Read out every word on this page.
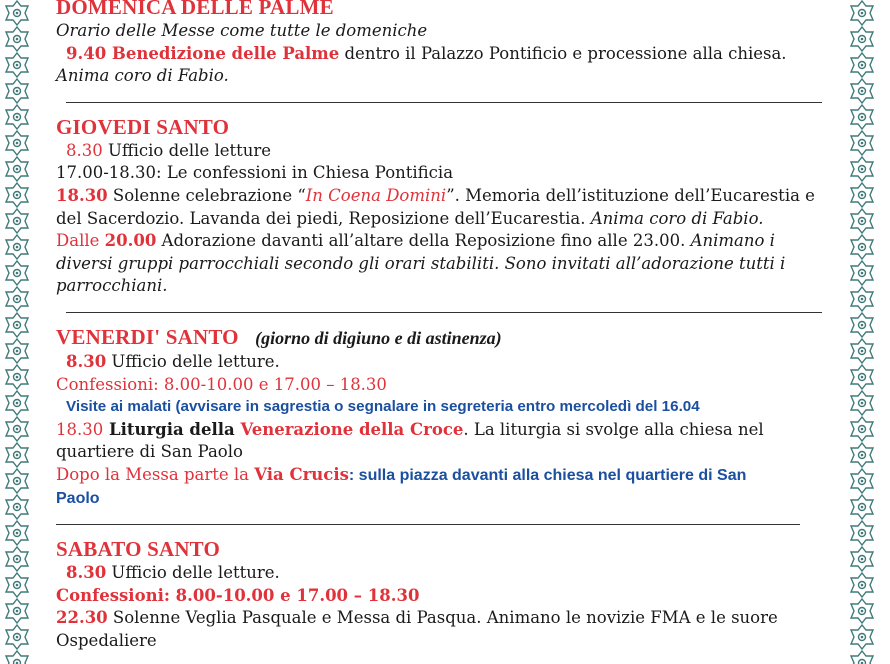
DOMENICA DELLE PALME
Orario delle Messe come tutte le domeniche
9.40 Benedizione delle Palme dentro il Palazzo Pontificio e processione alla chiesa.
Anima coro di Fabio.
GIOVEDI SANTO
8.30 Ufficio delle letture
17.00-18.30: Le confessioni in Chiesa Pontificia
18.30 Solenne celebrazione “In Coena Domini”. Memoria dell’istituzione dell’Eucarestia e
del Sacerdozio. Lavanda dei piedi, Reposizione dell’Eucarestia. Anima coro di Fabio.
Dalle 20.00 Adorazione davanti all’altare della Reposizione fino alle 23.00. Animano i
diversi gruppi parrocchiali secondo gli orari stabiliti. Sono invitati all’adorazione tutti i
parrocchiani.
VENERDI' SANTO (giorno di digiuno e di astinenza)
8.30 Ufficio delle letture.
Confessioni: 8.00-10.00 e 17.00 – 18.30
Visite ai malati (avvisare in sagrestia o segnalare in segreteria entro mercoledì del 16.04
18.30 Liturgia della Venerazione della Croce. La liturgia si svolge alla chiesa nel
quartiere di San Paolo
Dopo la Messa parte la Via Crucis: sulla piazza davanti alla chiesa nel quartiere di San
Paolo
SABATO SANTO
8.30 Ufficio delle letture.
Confessioni: 8.00-10.00 e 17.00 – 18.30
22.30 Solenne Veglia Pasquale e Messa di Pasqua. Animano le novizie FMA e le suore
Ospedaliere
